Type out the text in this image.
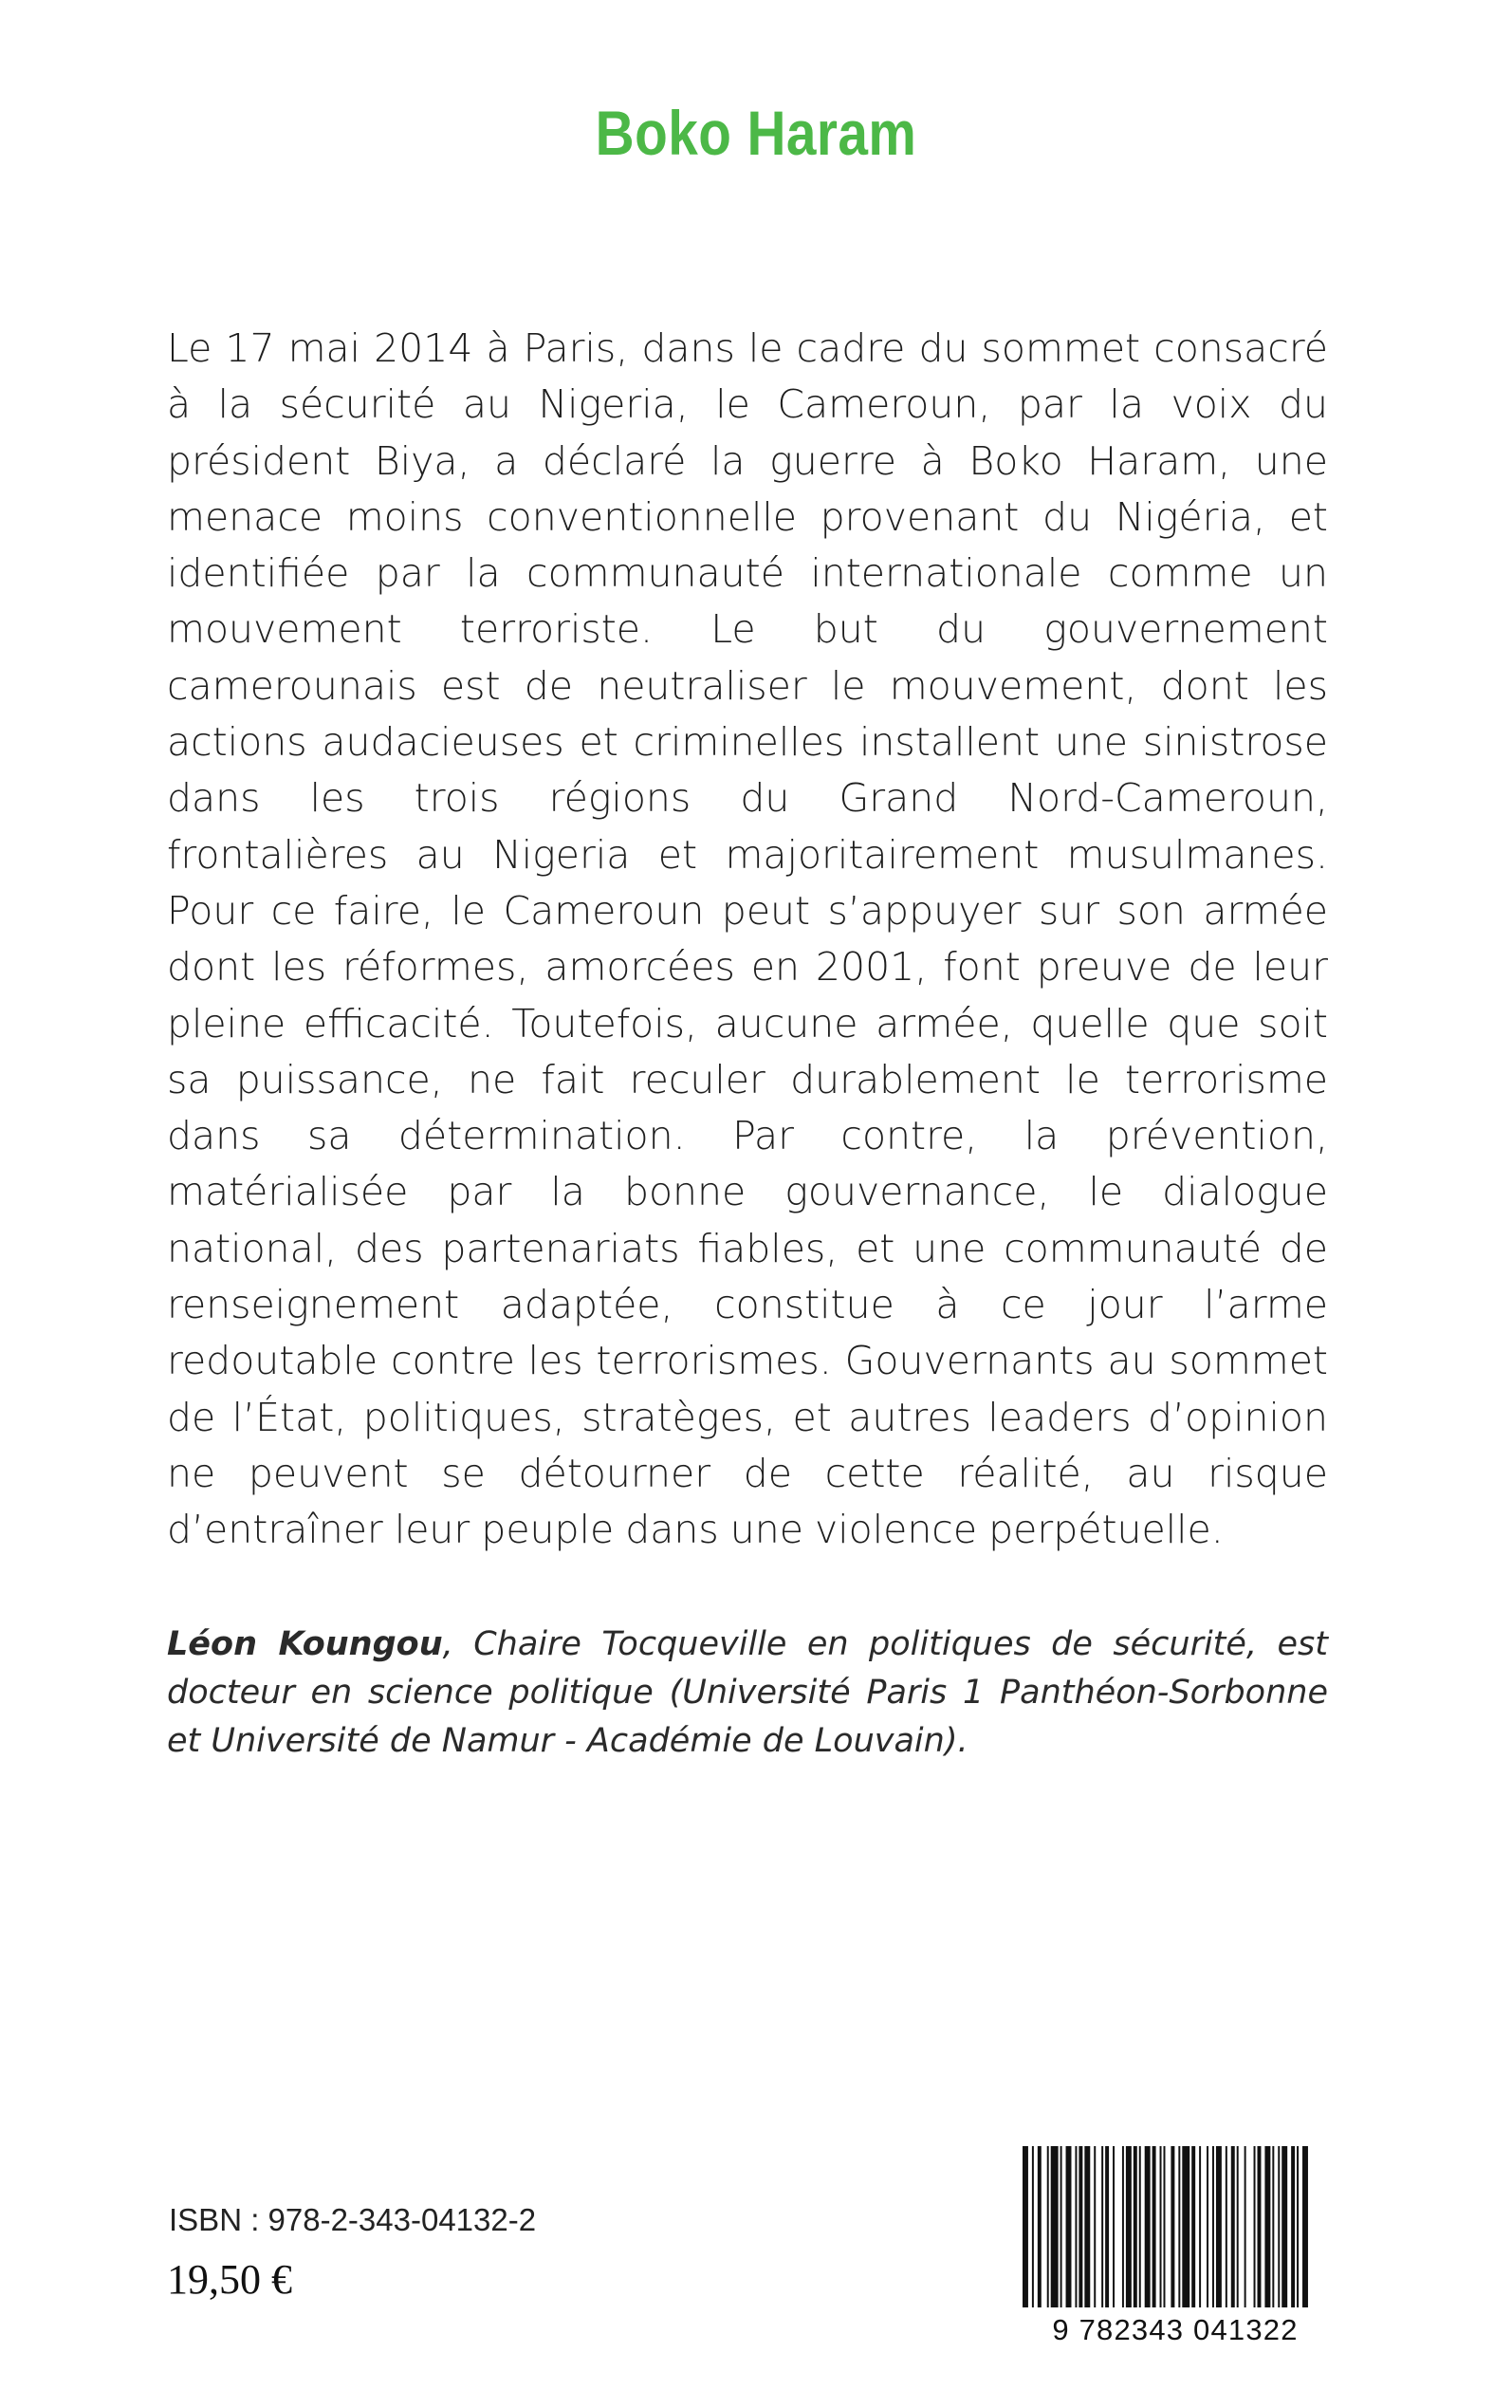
Boko Haram

Le 17 mai 2014 à Paris, dans le cadre du sommet consacré à la sécurité au Nigeria, le Cameroun, par la voix du président Biya, a déclaré la guerre à Boko Haram, une menace moins conventionnelle provenant du Nigéria, et identifiée par la communauté internationale comme un mouvement terroriste. Le but du gouvernement camerounais est de neutraliser le mouvement, dont les actions audacieuses et criminelles installent une sinistrose dans les trois régions du Grand Nord-Cameroun, frontalières au Nigeria et majoritairement musulmanes. Pour ce faire, le Cameroun peut s’appuyer sur son armée dont les réformes, amorcées en 2001, font preuve de leur pleine efficacité. Toutefois, aucune armée, quelle que soit sa puissance, ne fait reculer durablement le terrorisme dans sa détermination. Par contre, la prévention, matérialisée par la bonne gouvernance, le dialogue national, des partenariats fiables, et une communauté de renseignement adaptée, constitue à ce jour l’arme redoutable contre les terrorismes. Gouvernants au sommet de l’État, politiques, stratèges, et autres leaders d’opinion ne peuvent se détourner de cette réalité, au risque d’entraîner leur peuple dans une violence perpétuelle.

Léon Koungou, Chaire Tocqueville en politiques de sécurité, est docteur en science politique (Université Paris 1 Panthéon-Sorbonne et Université de Namur - Académie de Louvain).

ISBN : 978-2-343-04132-2

19,50 €

9 782343 041322
